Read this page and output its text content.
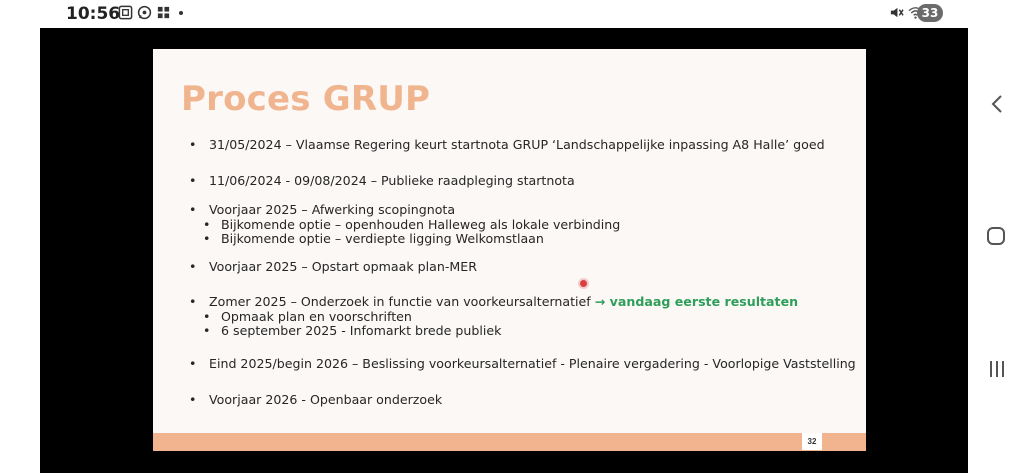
10:56	33
Proces GRUP
• 31/05/2024 – Vlaamse Regering keurt startnota GRUP ‘Landschappelijke inpassing A8 Halle’ goed
• 11/06/2024 - 09/08/2024 – Publieke raadpleging startnota
• Voorjaar 2025 – Afwerking scopingnota
• Bijkomende optie – openhouden Halleweg als lokale verbinding
• Bijkomende optie – verdiepte ligging Welkomstlaan
• Voorjaar 2025 – Opstart opmaak plan-MER
• Zomer 2025 – Onderzoek in functie van voorkeursalternatief → vandaag eerste resultaten
• Opmaak plan en voorschriften
• 6 september 2025 - Infomarkt brede publiek
• Eind 2025/begin 2026 – Beslissing voorkeursalternatief - Plenaire vergadering - Voorlopige Vaststelling
• Voorjaar 2026 - Openbaar onderzoek
32
